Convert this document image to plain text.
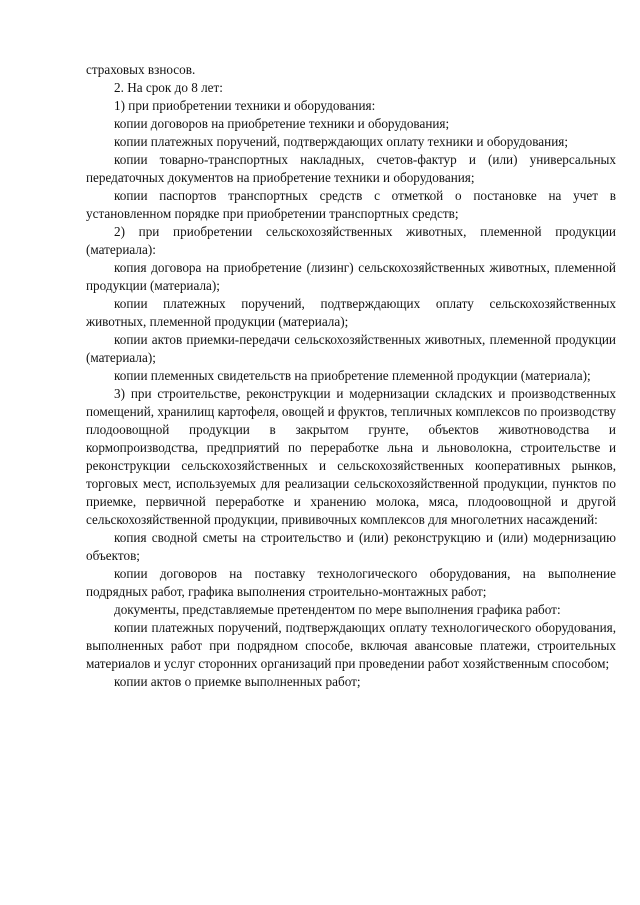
страховых взносов.

2. На срок до 8 лет:

1) при приобретении техники и оборудования:

копии договоров на приобретение техники и оборудования;

копии платежных поручений, подтверждающих оплату техники и оборудования;

копии товарно-транспортных накладных, счетов-фактур и (или) универсальных передаточных документов на приобретение техники и оборудования;

копии паспортов транспортных средств с отметкой о постановке на учет в установленном порядке при приобретении транспортных средств;

2) при приобретении сельскохозяйственных животных, племенной продукции (материала):

копия договора на приобретение (лизинг) сельскохозяйственных животных, племенной продукции (материала);

копии платежных поручений, подтверждающих оплату сельскохозяйственных животных, племенной продукции (материала);

копии актов приемки-передачи сельскохозяйственных животных, племенной продукции (материала);

копии племенных свидетельств на приобретение племенной продукции (материала);

3) при строительстве, реконструкции и модернизации складских и производственных помещений, хранилищ картофеля, овощей и фруктов, тепличных комплексов по производству плодоовощной продукции в закрытом грунте, объектов животноводства и кормопроизводства, предприятий по переработке льна и льноволокна, строительстве и реконструкции сельскохозяйственных и сельскохозяйственных кооперативных рынков, торговых мест, используемых для реализации сельскохозяйственной продукции, пунктов по приемке, первичной переработке и хранению молока, мяса, плодоовощной и другой сельскохозяйственной продукции, прививочных комплексов для многолетних насаждений:

копия сводной сметы на строительство и (или) реконструкцию и (или) модернизацию объектов;

копии договоров на поставку технологического оборудования, на выполнение подрядных работ, графика выполнения строительно-монтажных работ;

документы, представляемые претендентом по мере выполнения графика работ:

копии платежных поручений, подтверждающих оплату технологического оборудования, выполненных работ при подрядном способе, включая авансовые платежи, строительных материалов и услуг сторонних организаций при проведении работ хозяйственным способом;

копии актов о приемке выполненных работ;
